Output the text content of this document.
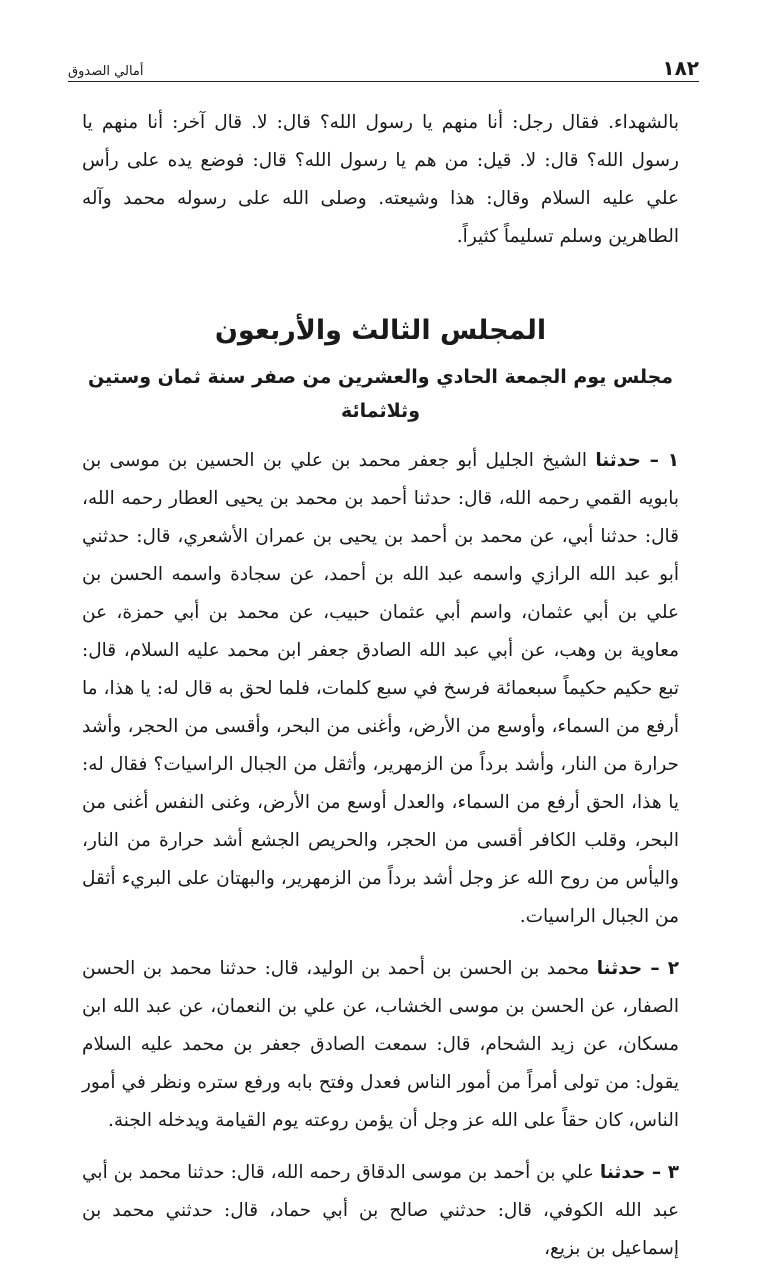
١٨٢
أمالي الصدوق

بالشهداء. فقال رجل: أنا منهم يا رسول الله؟ قال: لا. قال آخر: أنا منهم يا رسول الله؟ قال: لا. قيل: من هم يا رسول الله؟ قال: فوضع يده على رأس علي عليه السلام وقال: هذا وشيعته. وصلى الله على رسوله محمد وآله الطاهرين وسلم تسليماً كثيراً.

المجلس الثالث والأربعون
مجلس يوم الجمعة الحادي والعشرين من صفر سنة ثمان وستين وثلاثمائة

١ – حدثنا الشيخ الجليل أبو جعفر محمد بن علي بن الحسين بن موسى بن بابويه القمي رحمه الله، قال: حدثنا أحمد بن محمد بن يحيى العطار رحمه الله، قال: حدثنا أبي، عن محمد بن أحمد بن يحيى بن عمران الأشعري، قال: حدثني أبو عبد الله الرازي واسمه عبد الله بن أحمد، عن سجادة واسمه الحسن بن علي بن أبي عثمان، واسم أبي عثمان حبيب، عن محمد بن أبي حمزة، عن معاوية بن وهب، عن أبي عبد الله الصادق جعفر ابن محمد عليه السلام، قال: تبع حكيم حكيماً سبعمائة فرسخ في سبع كلمات، فلما لحق به قال له: يا هذا، ما أرفع من السماء، وأوسع من الأرض، وأغنى من البحر، وأقسى من الحجر، وأشد حرارة من النار، وأشد برداً من الزمهرير، وأثقل من الجبال الراسيات؟ فقال له: يا هذا، الحق أرفع من السماء، والعدل أوسع من الأرض، وغنى النفس أغنى من البحر، وقلب الكافر أقسى من الحجر، والحريص الجشع أشد حرارة من النار، واليأس من روح الله عز وجل أشد برداً من الزمهرير، والبهتان على البريء أثقل من الجبال الراسيات.

٢ – حدثنا محمد بن الحسن بن أحمد بن الوليد، قال: حدثنا محمد بن الحسن الصفار، عن الحسن بن موسى الخشاب، عن علي بن النعمان، عن عبد الله ابن مسكان، عن زيد الشحام، قال: سمعت الصادق جعفر بن محمد عليه السلام يقول: من تولى أمراً من أمور الناس فعدل وفتح بابه ورفع ستره ونظر في أمور الناس، كان حقاً على الله عز وجل أن يؤمن روعته يوم القيامة ويدخله الجنة.

٣ – حدثنا علي بن أحمد بن موسى الدقاق رحمه الله، قال: حدثنا محمد بن أبي عبد الله الكوفي، قال: حدثني صالح بن أبي حماد، قال: حدثني محمد بن إسماعيل بن بزيع،
